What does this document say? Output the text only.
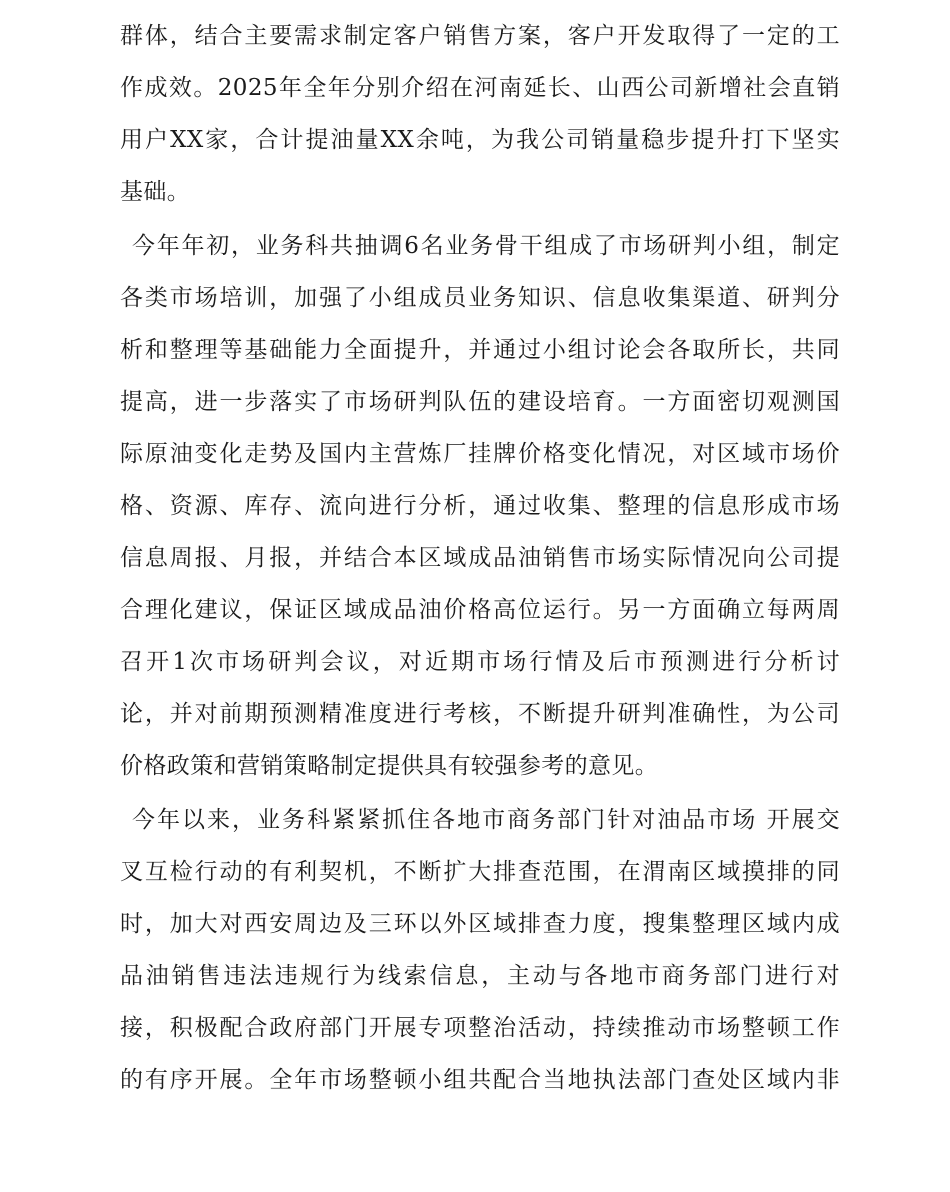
群体，结合主要需求制定客户销售方案，客户开发取得了一定的工
作成效。2025年全年分别介绍在河南延长、山西公司新增社会直销
用户XX家，合计提油量XX余吨，为我公司销量稳步提升打下坚实
基础。
今年年初，业务科共抽调6名业务骨干组成了市场研判小组，制定
各类市场培训，加强了小组成员业务知识、信息收集渠道、研判分
析和整理等基础能力全面提升，并通过小组讨论会各取所长，共同
提高，进一步落实了市场研判队伍的建设培育。一方面密切观测国
际原油变化走势及国内主营炼厂挂牌价格变化情况，对区域市场价
格、资源、库存、流向进行分析，通过收集、整理的信息形成市场
信息周报、月报，并结合本区域成品油销售市场实际情况向公司提
合理化建议，保证区域成品油价格高位运行。另一方面确立每两周
召开1次市场研判会议，对近期市场行情及后市预测进行分析讨
论，并对前期预测精准度进行考核，不断提升研判准确性，为公司
价格政策和营销策略制定提供具有较强参考的意见。
今年以来，业务科紧紧抓住各地市商务部门针对油品市场 开展交
叉互检行动的有利契机，不断扩大排查范围，在渭南区域摸排的同
时，加大对西安周边及三环以外区域排查力度，搜集整理区域内成
品油销售违法违规行为线索信息，主动与各地市商务部门进行对
接，积极配合政府部门开展专项整治活动，持续推动市场整顿工作
的有序开展。全年市场整顿小组共配合当地执法部门查处区域内非
